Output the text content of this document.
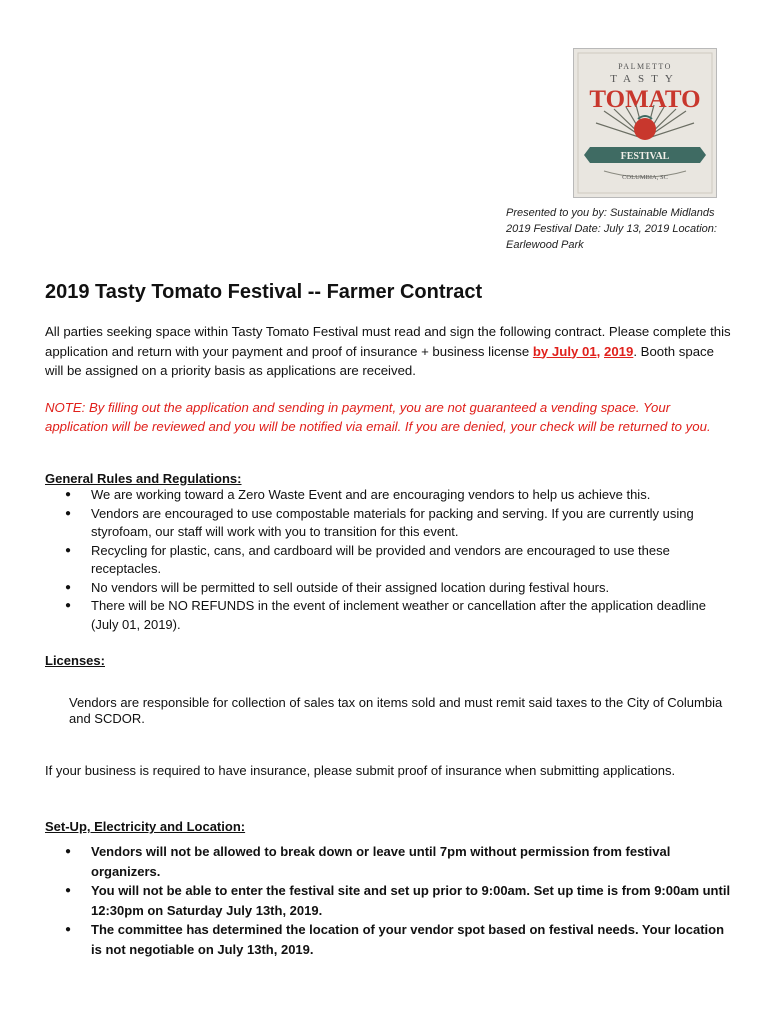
PALMETTO
TASTY
TOMATO
FESTIVAL
COLUMBIA, SC
Presented to you by: Sustainable Midlands
2019 Festival Date: July 13, 2019 Location:
Earlewood Park
2019 Tasty Tomato Festival -- Farmer Contract
All parties seeking space within Tasty Tomato Festival must read and sign the following contract. Please complete this application and return with your payment and proof of insurance + business license by July 01, 2019. Booth space will be assigned on a priority basis as applications are received.
NOTE: By filling out the application and sending in payment, you are not guaranteed a vending space. Your application will be reviewed and you will be notified via email. If you are denied, your check will be returned to you.
General Rules and Regulations:
● We are working toward a Zero Waste Event and are encouraging vendors to help us achieve this.
● Vendors are encouraged to use compostable materials for packing and serving. If you are currently using styrofoam, our staff will work with you to transition for this event.
● Recycling for plastic, cans, and cardboard will be provided and vendors are encouraged to use these receptacles.
● No vendors will be permitted to sell outside of their assigned location during festival hours.
● There will be NO REFUNDS in the event of inclement weather or cancellation after the application deadline (July 01, 2019).
Licenses:
Vendors are responsible for collection of sales tax on items sold and must remit said taxes to the City of Columbia and SCDOR.
If your business is required to have insurance, please submit proof of insurance when submitting applications.
Set-Up, Electricity and Location:
● Vendors will not be allowed to break down or leave until 7pm without permission from festival organizers.
● You will not be able to enter the festival site and set up prior to 9:00am. Set up time is from 9:00am until 12:30pm on Saturday July 13th, 2019.
● The committee has determined the location of your vendor spot based on festival needs. Your location is not negotiable on July 13th, 2019.
